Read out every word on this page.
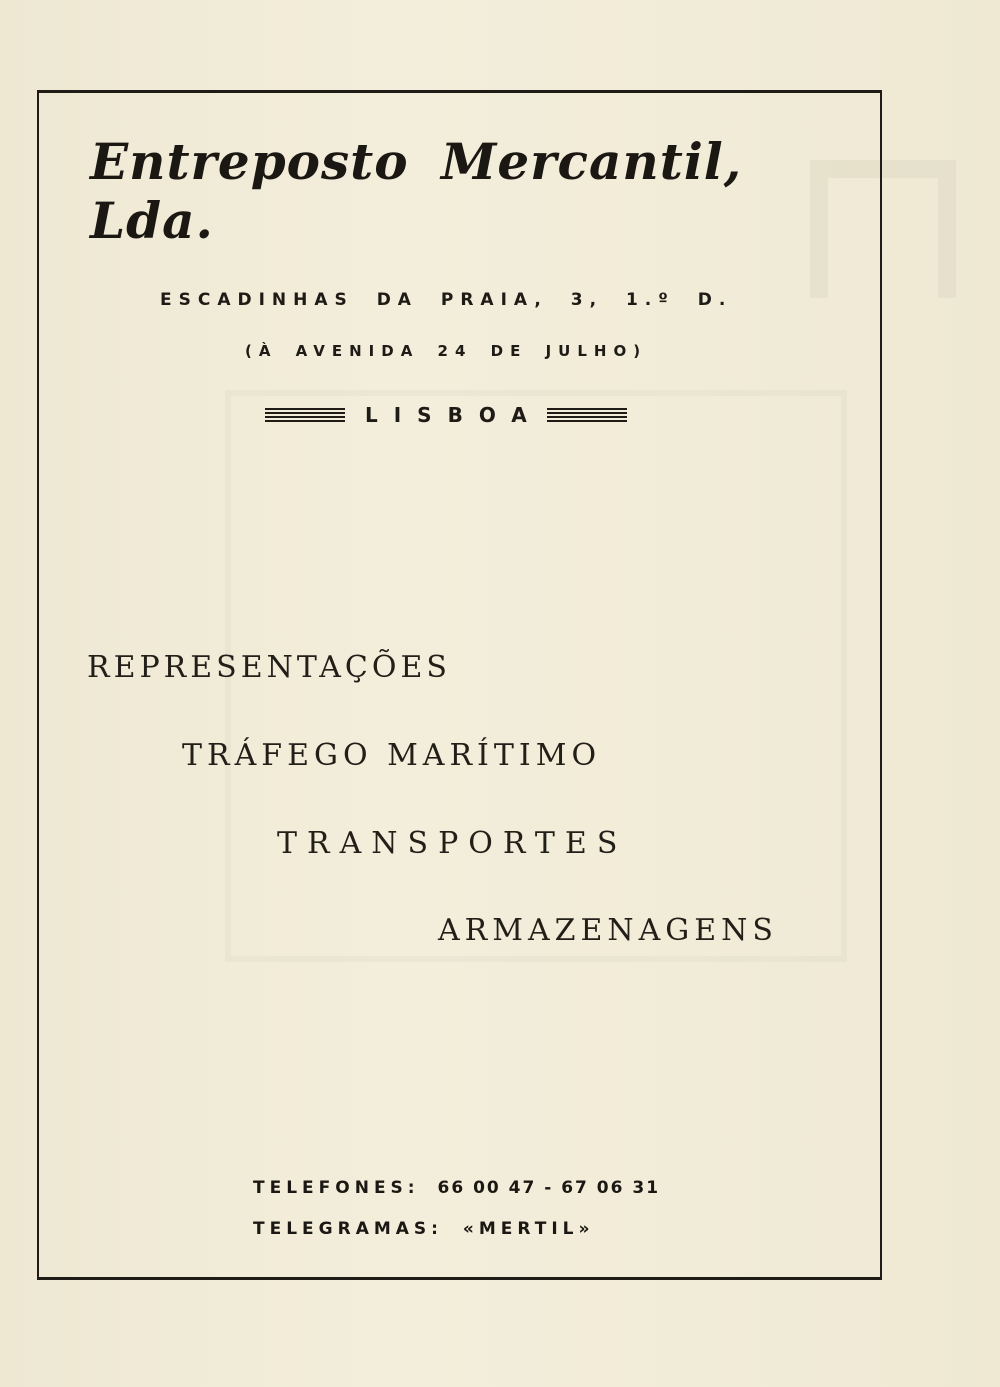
Entreposto Mercantil, Lda.
ESCADINHAS DA PRAIA, 3, 1.º D.
(À AVENIDA 24 DE JULHO)
LISBOA
REPRESENTAÇÕES
TRÁFEGO MARÍTIMO
TRANSPORTES
ARMAZENAGENS
TELEFONES: 66 00 47 - 67 06 31
TELEGRAMAS: «MERTIL»
